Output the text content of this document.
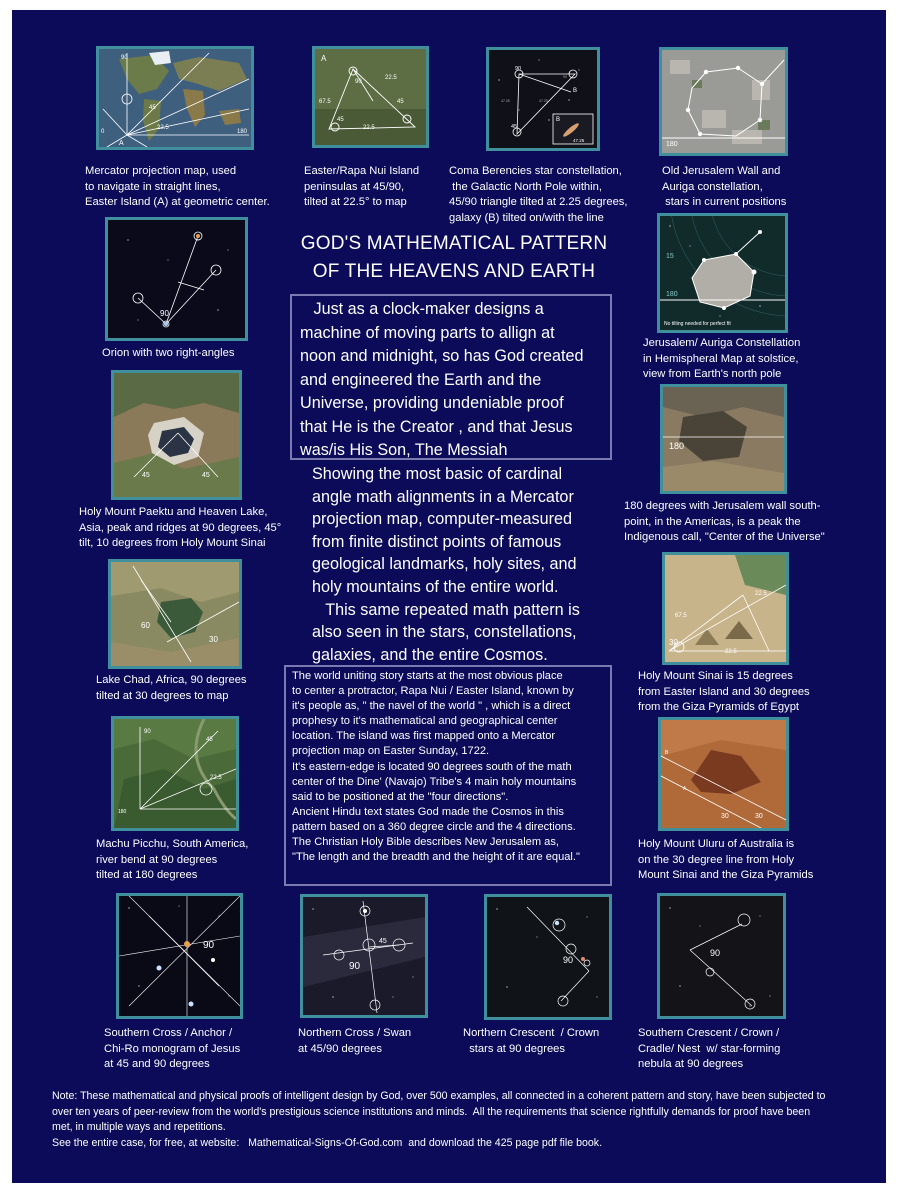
90
45
22.5
180
0
A
Mercator projection map, used
to navigate in straight lines,
Easter Island (A) at geometric center.
A
22.5
90
67.5	45
45
22.5
Easter/Rapa Nui Island
peninsulas at 45/90,
tilted at 22.5° to map
90
45
B
B
47.25
47.25	47.25
90
Coma Berencies star constellation,
the Galactic North Pole within,
45/90 triangle tilted at 2.25 degrees,
galaxy (B) tilted on/with the line
180
Old Jerusalem Wall and
Auriga constellation,
stars in current positions
90
Orion with two right-angles
GOD'S MATHEMATICAL PATTERN
OF THE HEAVENS AND EARTH
15
180
No tilting needed for perfect fit
Jerusalem/ Auriga Constellation
in Hemispheral Map at solstice,
view from Earth's north pole
Just as a clock-maker designs a
machine of moving parts to allign at
noon and midnight, so has God created
and engineered the Earth and the
Universe, providing undeniable proof
that He is the Creator , and that Jesus
was/is His Son, The Messiah
45	45
Holy Mount Paektu and Heaven Lake,
Asia, peak and ridges at 90 degrees, 45°
tilt, 10 degrees from Holy Mount Sinai
Showing the most basic of cardinal
angle math alignments in a Mercator
projection map, computer-measured
from finite distinct points of famous
geological landmarks, holy sites, and
holy mountains of the entire world.
This same repeated math pattern is
also seen in the stars, constellations,
galaxies, and the entire Cosmos.
180
180 degrees with Jerusalem wall south-
point, in the Americas, is a peak the
Indigenous call, "Center of the Universe"
60
30
Lake Chad, Africa, 90 degrees
tilted at 30 degrees to map
30
67.5
22.5
22.5
Holy Mount Sinai is 15 degrees
from Easter Island and 30 degrees
from the Giza Pyramids of Egypt
The world uniting story starts at the most obvious place
to center a protractor, Rapa Nui / Easter Island, known by
it's people as, " the navel of the world " , which is a direct
prophesy to it's mathematical and geographical center
location. The island was first mapped onto a Mercator
projection map on Easter Sunday, 1722.
It's eastern-edge is located 90 degrees south of the math
center of the Dine' (Navajo) Tribe's 4 main holy mountains
said to be positioned at the "four directions".
Ancient Hindu text states God made the Cosmos in this
pattern based on a 360 degree circle and the 4 directions.
The Christian Holy Bible describes New Jerusalem as,
"The length and the breadth and the height of it are equal."
90
45
22.5
180
Machu Picchu, South America,
river bend at 90 degrees
tilted at 180 degrees
B
A
30	30
Holy Mount Uluru of Australia is
on the 30 degree line from Holy
Mount Sinai and the Giza Pyramids
90
Southern Cross / Anchor /
Chi-Ro monogram of Jesus
at 45 and 90 degrees
45
90
Northern Cross / Swan
at 45/90 degrees
90
Northern Crescent  / Crown
stars at 90 degrees
90
Southern Crescent / Crown /
Cradle/ Nest  w/ star-forming
nebula at 90 degrees
Note: These mathematical and physical proofs of intelligent design by God, over 500 examples, all connected in a coherent pattern and story, have been subjected to
over ten years of peer-review from the world's prestigious science institutions and minds.  All the requirements that science rightfully demands for proof have been
met, in multiple ways and repetitions.
See the entire case, for free, at website:   Mathematical-Signs-Of-God.com  and download the 425 page pdf file book.
